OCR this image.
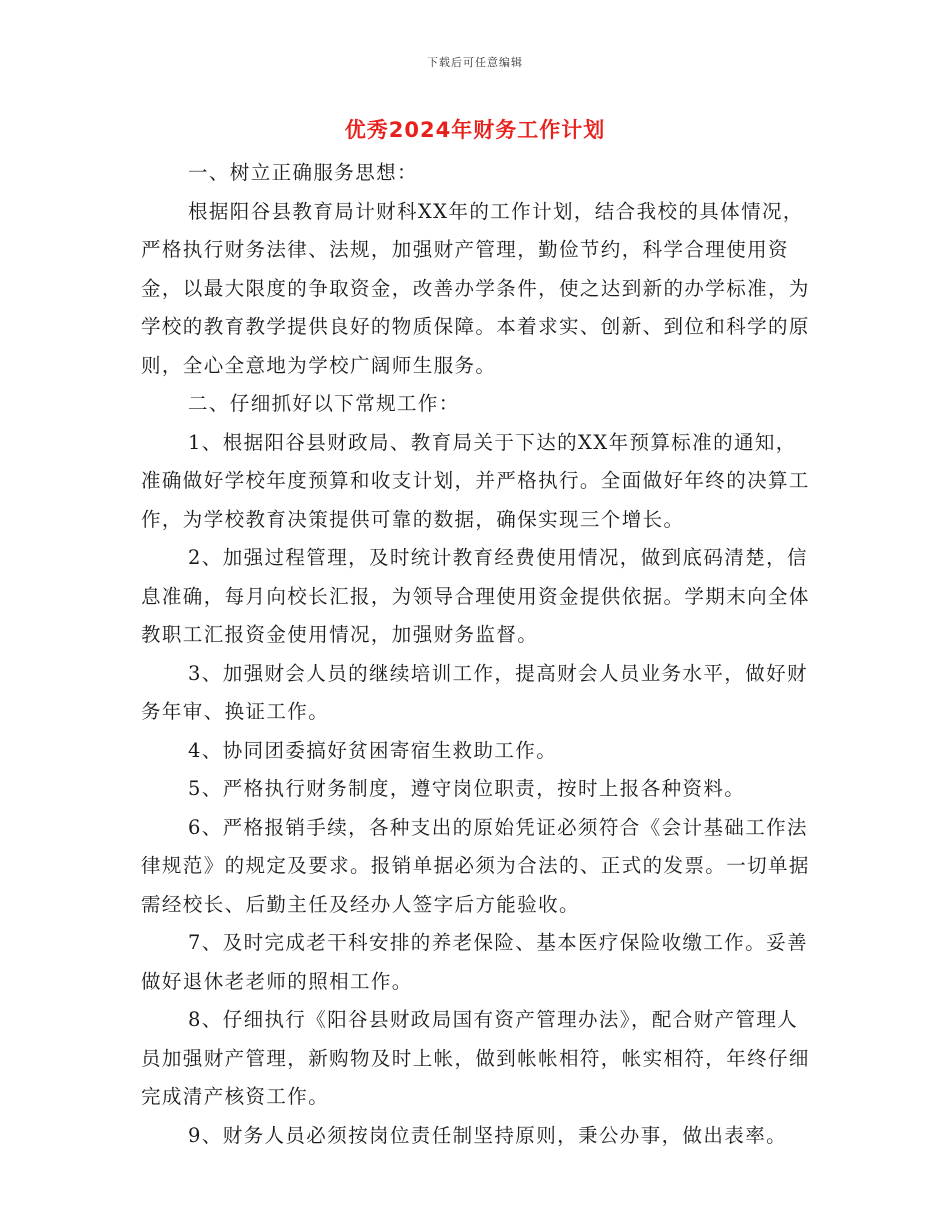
下载后可任意编辑
优秀2024年财务工作计划

一、树立正确服务思想：

根据阳谷县教育局计财科XX年的工作计划，结合我校的具体情况，严格执行财务法律、法规，加强财产管理，勤俭节约，科学合理使用资金，以最大限度的争取资金，改善办学条件，使之达到新的办学标准，为学校的教育教学提供良好的物质保障。本着求实、创新、到位和科学的原则，全心全意地为学校广阔师生服务。

二、仔细抓好以下常规工作：

1、根据阳谷县财政局、教育局关于下达的XX年预算标准的通知，准确做好学校年度预算和收支计划，并严格执行。全面做好年终的决算工作，为学校教育决策提供可靠的数据，确保实现三个增长。

2、加强过程管理，及时统计教育经费使用情况，做到底码清楚，信息准确，每月向校长汇报，为领导合理使用资金提供依据。学期末向全体教职工汇报资金使用情况，加强财务监督。

3、加强财会人员的继续培训工作，提高财会人员业务水平，做好财务年审、换证工作。

4、协同团委搞好贫困寄宿生救助工作。

5、严格执行财务制度，遵守岗位职责，按时上报各种资料。

6、严格报销手续，各种支出的原始凭证必须符合《会计基础工作法律规范》的规定及要求。报销单据必须为合法的、正式的发票。一切单据需经校长、后勤主任及经办人签字后方能验收。

7、及时完成老干科安排的养老保险、基本医疗保险收缴工作。妥善做好退休老老师的照相工作。

8、仔细执行《阳谷县财政局国有资产管理办法》，配合财产管理人员加强财产管理，新购物及时上帐，做到帐帐相符，帐实相符，年终仔细完成清产核资工作。

9、财务人员必须按岗位责任制坚持原则，秉公办事，做出表率。
